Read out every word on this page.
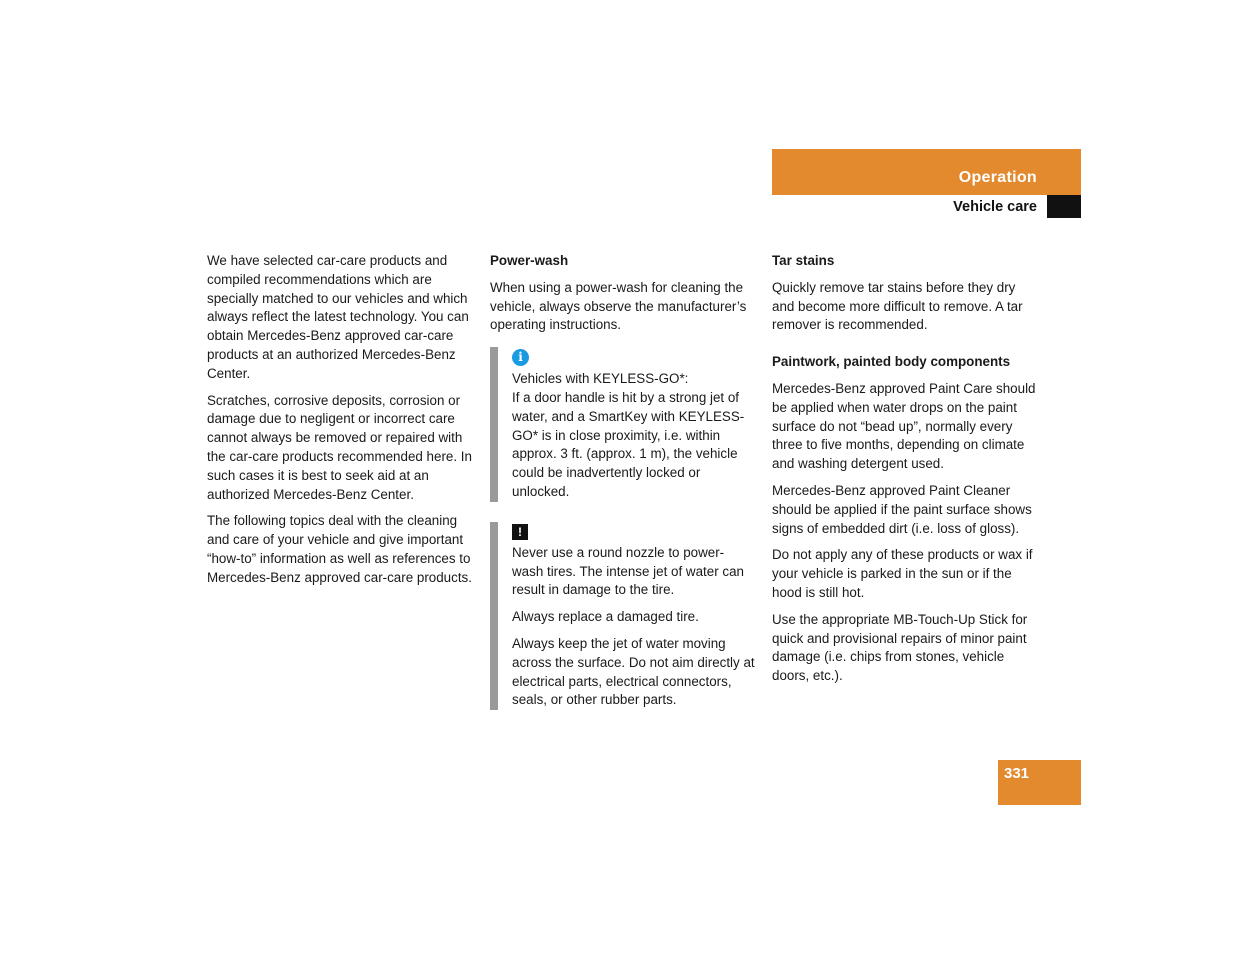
Operation
Vehicle care

We have selected car-care products and compiled recommendations which are specially matched to our vehicles and which always reflect the latest technology. You can obtain Mercedes-Benz approved car-care products at an authorized Mercedes-Benz Center.

Scratches, corrosive deposits, corrosion or damage due to negligent or incorrect care cannot always be removed or repaired with the car-care products recommended here. In such cases it is best to seek aid at an authorized Mercedes-Benz Center.

The following topics deal with the cleaning and care of your vehicle and give important “how-to” information as well as references to Mercedes-Benz approved car-care products.

Power-wash

When using a power-wash for cleaning the vehicle, always observe the manufacturer’s operating instructions.

i
Vehicles with KEYLESS-GO*:

If a door handle is hit by a strong jet of water, and a SmartKey with KEYLESS-GO* is in close proximity, i.e. within approx. 3 ft. (approx. 1 m), the vehicle could be inadvertently locked or unlocked.

!

Never use a round nozzle to power-wash tires. The intense jet of water can result in damage to the tire.

Always replace a damaged tire.

Always keep the jet of water moving across the surface. Do not aim directly at electrical parts, electrical connectors, seals, or other rubber parts.

Tar stains

Quickly remove tar stains before they dry and become more difficult to remove. A tar remover is recommended.

Paintwork, painted body components

Mercedes-Benz approved Paint Care should be applied when water drops on the paint surface do not “bead up”, normally every three to five months, depending on climate and washing detergent used.

Mercedes-Benz approved Paint Cleaner should be applied if the paint surface shows signs of embedded dirt (i.e. loss of gloss).

Do not apply any of these products or wax if your vehicle is parked in the sun or if the hood is still hot.

Use the appropriate MB-Touch-Up Stick for quick and provisional repairs of minor paint damage (i.e. chips from stones, vehicle doors, etc.).

331
